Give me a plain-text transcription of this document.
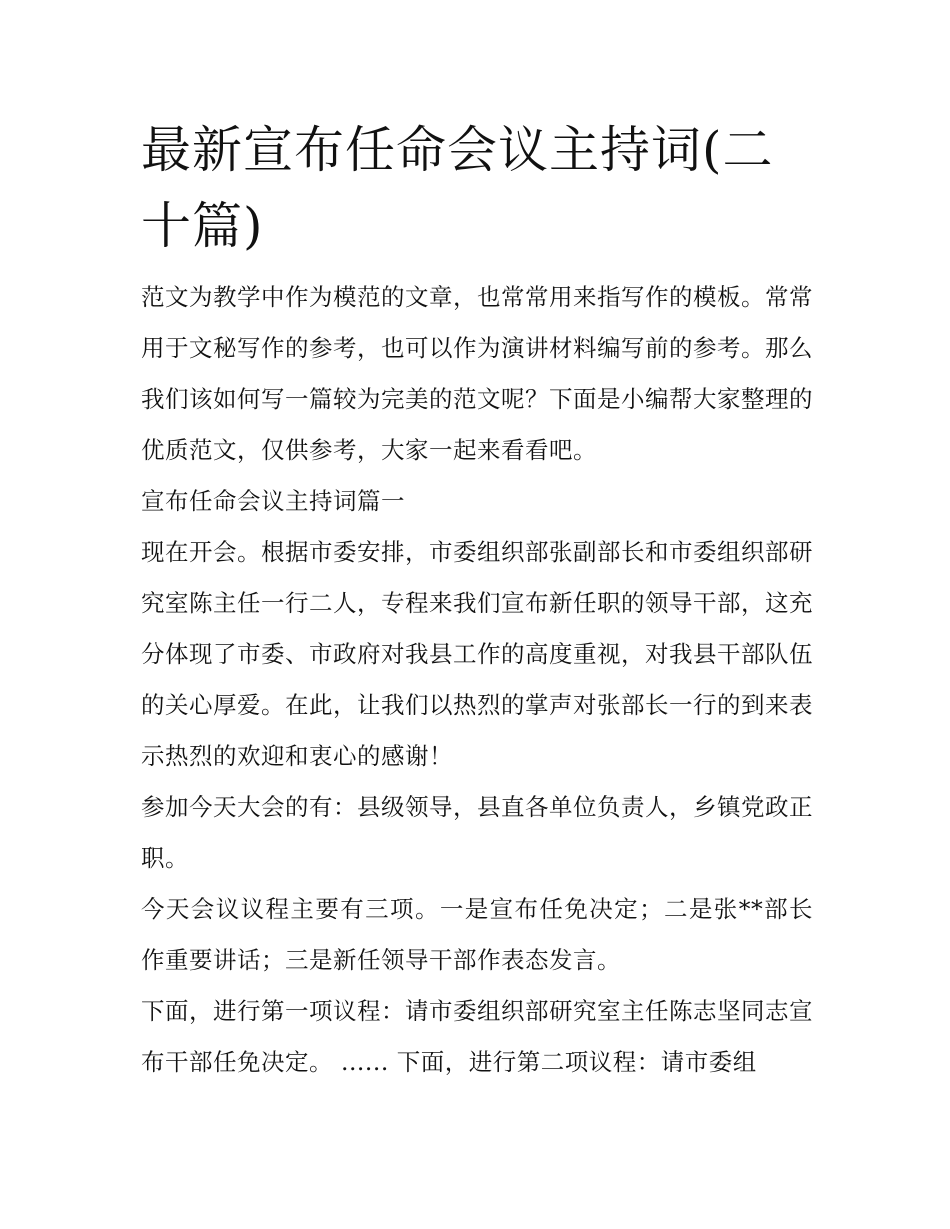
最新宣布任命会议主持词(二十篇)

范文为教学中作为模范的文章，也常常用来指写作的模板。常常用于文秘写作的参考，也可以作为演讲材料编写前的参考。那么我们该如何写一篇较为完美的范文呢？下面是小编帮大家整理的优质范文，仅供参考，大家一起来看看吧。

宣布任命会议主持词篇一

现在开会。根据市委安排，市委组织部张副部长和市委组织部研究室陈主任一行二人，专程来我们宣布新任职的领导干部，这充分体现了市委、市政府对我县工作的高度重视，对我县干部队伍的关心厚爱。在此，让我们以热烈的掌声对张部长一行的到来表示热烈的欢迎和衷心的感谢！

参加今天大会的有：县级领导，县直各单位负责人，乡镇党政正职。

今天会议议程主要有三项。一是宣布任免决定；二是张**部长作重要讲话；三是新任领导干部作表态发言。

下面，进行第一项议程：请市委组织部研究室主任陈志坚同志宣布干部任免决定。 ...... 下面，进行第二项议程：请市委组
